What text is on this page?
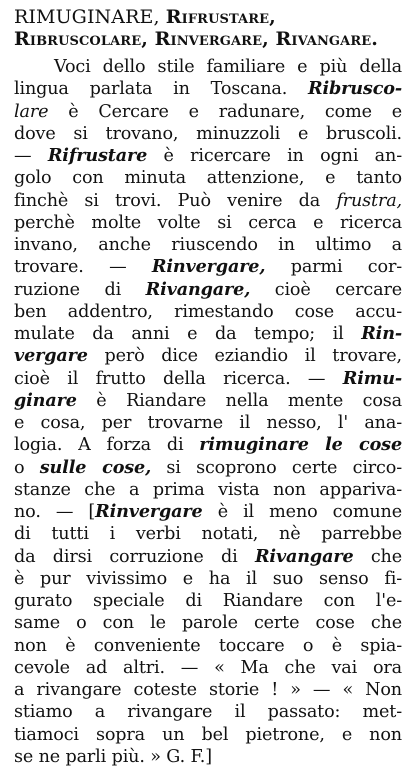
RIMUGINARE, Rifrustare, Ribruscolare, Rinvergare, Rivangare.
Voci dello stile familiare e più della
lingua parlata in Toscana. Ribrusco-
lare è Cercare e radunare, come e
dove si trovano, minuzzoli e bruscoli.
— Rifrustare è ricercare in ogni an-
golo con minuta attenzione, e tanto
finchè si trovi. Può venire da frustra,
perchè molte volte si cerca e ricerca
invano, anche riuscendo in ultimo a
trovare. — Rinvergare, parmi cor-
ruzione di Rivangare, cioè cercare
ben addentro, rimestando cose accu-
mulate da anni e da tempo; il Rin-
vergare però dice eziandio il trovare,
cioè il frutto della ricerca. — Rimu-
ginare è Riandare nella mente cosa
e cosa, per trovarne il nesso, l' ana-
logia. A forza di rimuginare le cose
o sulle cose, si scoprono certe circo-
stanze che a prima vista non appariva-
no. — [Rinvergare è il meno comune
di tutti i verbi notati, nè parrebbe
da dirsi corruzione di Rivangare che
è pur vivissimo e ha il suo senso fi-
gurato speciale di Riandare con l'e-
same o con le parole certe cose che
non è conveniente toccare o è spia-
cevole ad altri. — « Ma che vai ora
a rivangare coteste storie ! » — « Non
stiamo a rivangare il passato: met-
tiamoci sopra un bel pietrone, e non
se ne parli più. » G. F.]
